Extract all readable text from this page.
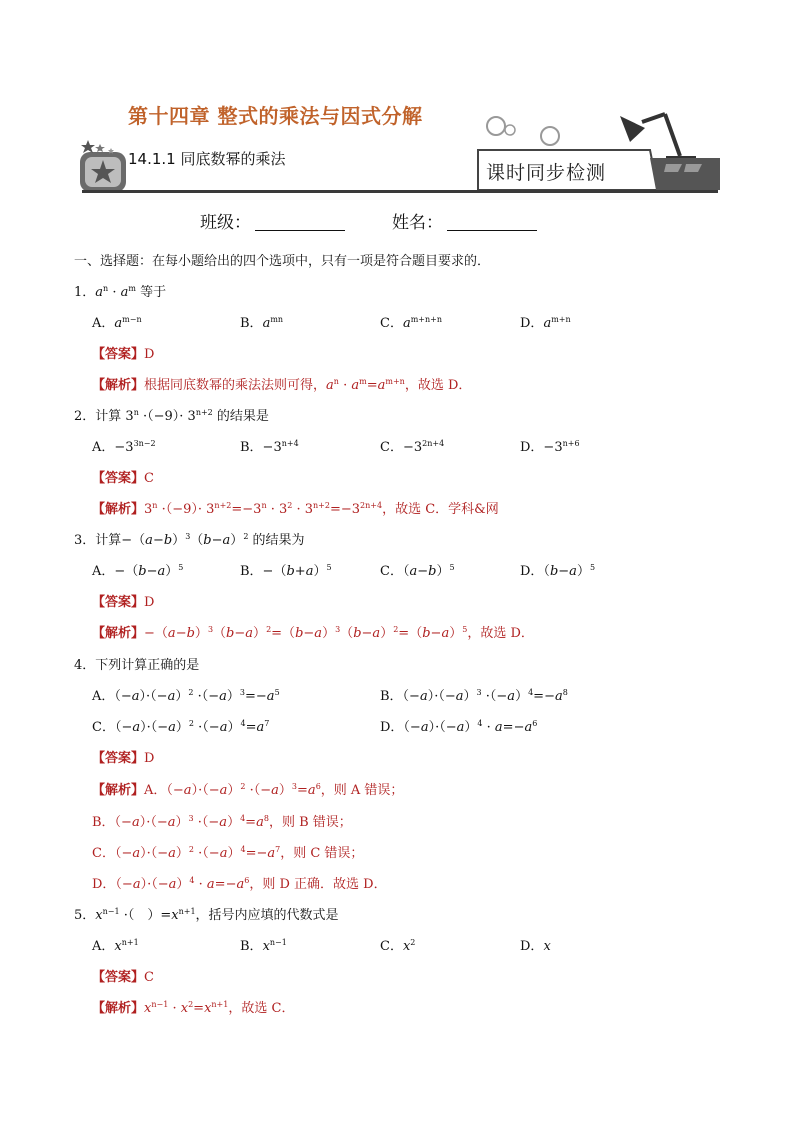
第十四章 整式的乘法与因式分解
14.1.1 同底数幂的乘法
课时同步检测
班级：	姓名：
一、选择题：在每小题给出的四个选项中，只有一项是符合题目要求的．
1．$a^n \cdot a^m$ 等于
A．$a^{m-n}$	B．$a^{mn}$	C．$a^{m+n+n}$	D．$a^{m+n}$
【答案】D
【解析】根据同底数幂的乘法法则可得，$a^n \cdot a^m=a^{m+n}$，故选 D．
2．计算 $3^n \cdot(-9)\cdot 3^{n+2}$ 的结果是
A．$-3^{3n-2}$	B．$-3^{n+4}$	C．$-3^{2n+4}$	D．$-3^{n+6}$
【答案】C
【解析】$3^n \cdot(-9)\cdot 3^{n+2}=-3^n \cdot 3^2 \cdot 3^{n+2}=-3^{2n+4}$，故选 C．学科&网
3．计算$-(a-b)^3(b-a)^2$ 的结果为
A．$-(b-a)^5$	B．$-(b+a)^5$	C．$(a-b)^5$	D．$(b-a)^5$
【答案】D
【解析】$-(a-b)^3(b-a)^2=(b-a)^3(b-a)^2=(b-a)^5$，故选 D．
4．下列计算正确的是
A．$(-a)\cdot(-a)^2 \cdot(-a)^3=-a^5$	B．$(-a)\cdot(-a)^3 \cdot(-a)^4=-a^8$
C．$(-a)\cdot(-a)^2 \cdot(-a)^4=a^7$	D．$(-a)\cdot(-a)^4 \cdot a=-a^6$
【答案】D
【解析】A．$(-a)\cdot(-a)^2 \cdot(-a)^3=a^6$，则 A 错误；
B．$(-a)\cdot(-a)^3 \cdot(-a)^4=a^8$，则 B 错误；
C．$(-a)\cdot(-a)^2 \cdot(-a)^4=-a^7$，则 C 错误；
D．$(-a)\cdot(-a)^4 \cdot a=-a^6$，则 D 正确．故选 D．
5．$x^{n-1}$ ·（　）$=x^{n+1}$，括号内应填的代数式是
A．$x^{n+1}$	B．$x^{n-1}$	C．$x^2$	D．x
【答案】C
【解析】$x^{n-1} \cdot x^2=x^{n+1}$，故选 C．
